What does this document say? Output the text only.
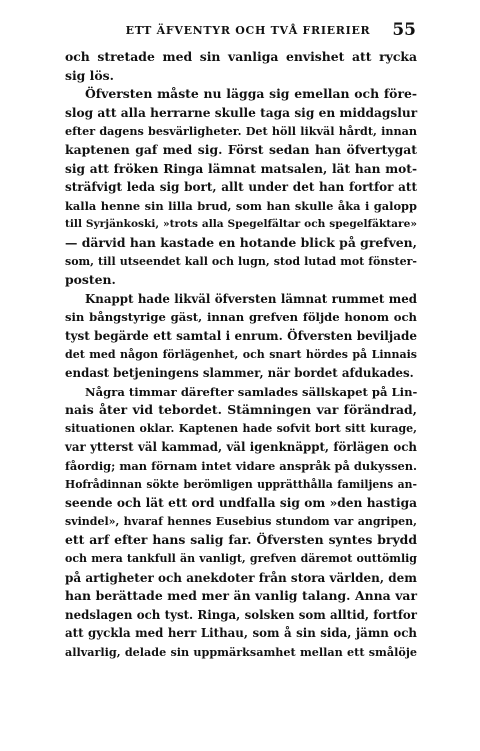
ETT ÄFVENTYR OCH TVÅ FRIERIER	55
och stretade med sin vanliga envishet att rycka
sig lös.
Öfversten måste nu lägga sig emellan och före-
slog att alla herrarne skulle taga sig en middagslur
efter dagens besvärligheter. Det höll likväl hårdt, innan
kaptenen gaf med sig. Först sedan han öfvertygat
sig att fröken Ringa lämnat matsalen, lät han mot-
sträfvigt leda sig bort, allt under det han fortfor att
kalla henne sin lilla brud, som han skulle åka i galopp
till Syrjänkoski, »trots alla Spegelfältar och spegelfäktare»
— därvid han kastade en hotande blick på grefven,
som, till utseendet kall och lugn, stod lutad mot fönster-
posten.
Knappt hade likväl öfversten lämnat rummet med
sin bångstyrige gäst, innan grefven följde honom och
tyst begärde ett samtal i enrum. Öfversten beviljade
det med någon förlägenhet, och snart hördes på Linnais
endast betjeningens slammer, när bordet afdukades.
Några timmar därefter samlades sällskapet på Lin-
nais åter vid tebordet. Stämningen var förändrad,
situationen oklar. Kaptenen hade sofvit bort sitt kurage,
var ytterst väl kammad, väl igenknäppt, förlägen och
fåordig; man förnam intet vidare anspråk på dukyssen.
Hofrådinnan sökte berömligen upprätthålla familjens an-
seende och lät ett ord undfalla sig om »den hastiga
svindel», hvaraf hennes Eusebius stundom var angripen,
ett arf efter hans salig far. Öfversten syntes brydd
och mera tankfull än vanligt, grefven däremot outtömlig
på artigheter och anekdoter från stora världen, dem
han berättade med mer än vanlig talang. Anna var
nedslagen och tyst. Ringa, solsken som alltid, fortfor
att gyckla med herr Lithau, som å sin sida, jämn och
allvarlig, delade sin uppmärksamhet mellan ett smålöje
